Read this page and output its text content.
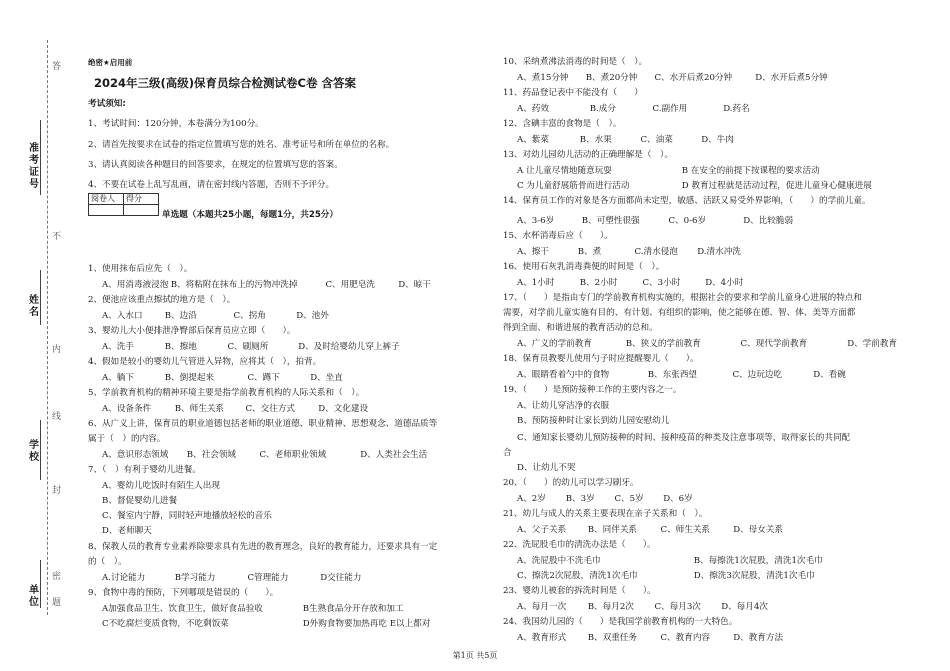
准考证号
姓名
学校
单位
答
不
内
线
封
密
题
绝密★启用前
2024年三级(高级)保育员综合检测试卷C卷 含答案
考试须知:
1、考试时间：120分钟，本卷满分为100分。
2、请首先按要求在试卷的指定位置填写您的姓名、准考证号和所在单位的名称。
3、请认真阅读各种题目的回答要求，在规定的位置填写您的答案。
4、不要在试卷上乱写乱画，请在密封线内答题，否则不予评分。
阅卷人	得分

单选题（本题共25小题，每题1分，共25分）
1、使用抹布后应先（　）。
A、用消毒液浸泡 B、将粘附在抹布上的污物冲洗掉	C、用肥皂洗	D、晾干
2、便池应该重点擦拭的地方是（　）。
A、入水口	B、边沿	C、拐角	D、池外
3、婴幼儿大小便排泄净臀部后保育员应立即（　　）。
A、洗手	B、擦地	C、刷厕所	D、及时给婴幼儿穿上裤子
4、假如是较小的婴幼儿气管进入异物，应将其（　），拍背。
A、躺下	B、倒提起来	C、蹲下	D、坐直
5、学前教育机构的精神环境主要是指学前教育机构的人际关系和（　）。
A、设备条件	B、师生关系 C、交往方式	D、文化建设
6、从广义上讲，保育员的职业道德包括老师的职业道德、职业精神、思想观念、道德品质等
属于（　）的内容。
A、意识形态领域 B、社会领域	C、老师职业领域	D、人类社会生活
7、（　）有利于婴幼儿进餐。
A、婴幼儿吃饭时有陌生人出现
B、督促婴幼儿进餐
C、餐室内宁静，同时轻声地播放轻松的音乐
D、老师聊天
8、保教人员的教育专业素养除要求具有先进的教育理念，良好的教育能力，还要求具有一定
的（　）。
A.讨论能力	B学习能力	C管理能力	D交往能力
9、食物中毒的预防，下列哪项是错误的（　　）。
A加强食品卫生、饮食卫生，做好食品验收	B生熟食品分开存放和加工
C不吃腐烂变质食物，不吃剩饭菜	D外购食物要加热再吃 E以上都对
10、采纳煮沸法消毒的时间是（　）。
A、煮15分钟 B、煮20分钟 C、水开后煮20分钟	D、水开后煮5分钟
11、药品登记表中不能没有（　　）
A、药效	B.成分	C.副作用	D.药名
12、含碘丰富的食物是（　）。
A、紫菜	B、水果	C、油菜	D、牛肉
13、对幼儿园幼儿活动的正确理解是（　）。
A 让儿童尽情地随意玩耍	B 在安全的前提下按课程的要求活动
C 为儿童舒展筋骨而进行活动	D 教育过程就是活动过程，促进儿童身心健康进展
14、保育员工作的对象是各方面都尚未定型，敏感、活跃又易受外界影响，（　　）的学前儿童。
A、3-6岁	B、可塑性很强	C、0-6岁	D、比较脆弱
15、水杯消毒后应（　　）。
A、擦干	B、煮	C.清水侵泡 D.清水冲洗
16、使用石灰乳消毒粪便的时间是（　）。
A、1小时	B、2小时	C、3小时	D、4小时
17、（　　）是指由专门的学前教育机构实施的，根据社会的要求和学前儿童身心进展的特点和
需要，对学前儿童实施有目的、有计划、有组织的影响，使之能够在德、智、体、美等方面都
得到全面、和谐进展的教育活动的总和。
A、广义的学前教育	B、狭义的学前教育	C、现代学前教育	D、学前教育
18、保育员教婴儿使用勺子时应提醒婴儿（　　）。
A、眼睛看着勺中的食物	B、东张西望	C、边玩边吃	D、看碗
19、（　　）是预防接种工作的主要内容之一。
A、让幼儿穿洁净的衣服
B、预防接种时让家长到幼儿园安慰幼儿
C、通知家长婴幼儿预防接种的时间、接种疫苗的种类及注意事项等，取得家长的共同配
合
D、让幼儿不哭
20、（　　）的幼儿可以学习刷牙。
A、2岁 B、3岁 C、5岁 D、6岁
21、幼儿与成人的关系主要表现在亲子关系和（　）。
A、父子关系	B、同伴关系	C、师生关系	D、母女关系
22、洗屁股毛巾的清洗办法是（　　）。
A、洗屁股中不洗毛巾	B、每擦洗1次屁股，清洗1次毛巾
C、擦洗2次屁股，清洗1次毛巾	D、擦洗3次屁股，清洗1次毛巾
23、婴幼儿被套的拆洗时间是（　　）。
A、每月一次	B、每月2次 C、每月3次 D、每月4次
24、我国幼儿园的（　　）是我国学前教育机构的一大特色。
A、教育形式	B、双重任务	C、教育内容	D、教育方法
第1页 共5页
